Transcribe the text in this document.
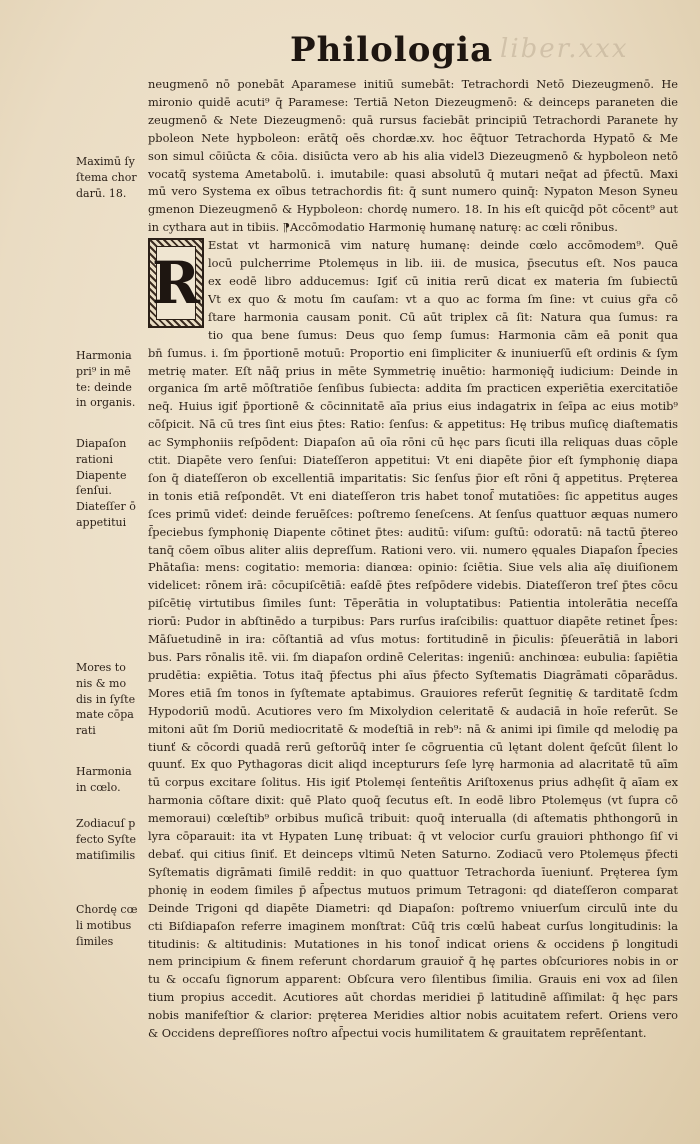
liber.xxx
Philologia
neugmenō nō ponebāt Aparamese initiū sumebāt: Tetrachordi Netō Diezeugmenō. He
mironio quidē acuti⁹ q̄ Paramese: Tertiā Neton Diezeugmenō: & deinceps paraneten die
zeugmenō & Nete Diezeugmenō: quā rursus faciebāt principiū Tetrachordi Paranete hy
pboleon Nete hypboleon: erātq̄ oēs chordæ.xv. hoc ēq̄tuor Tetrachorda Hypatō & Me
son simul cōiūcta & cōia. disiūcta vero ab his alia videl3 Diezeugmenō & hypboleon netō
vocatq̄ systema Ametabolū. i. imutabile: quasi absolutū q̄ mutari neq̄at ad p̄fectū. Maxi
mū vero Systema ex oībus tetrachordis fit: q̄ sunt numero quinq̄: Nypaton Meson Syneu
gmenon Diezeugmenō & Hypboleon: chordę numero. 18. In his eſt quicq̄d pōt cōcent⁹ aut
in cythara aut in tibiis. ⁋Accōmodatio Harmonię humanę naturę: ac cœli rōnibus.
R
Estat vt harmonicā vim naturę humanę: deinde cœlo accōmodem⁹. Quē
locū pulcherrime Ptolemęus in lib. iii. de musica, p̄secutus eſt. Nos pauca
ex eodē libro adducemus: Igiť cū initia rerū dicat ex materia ſm ſubiectū
Vt ex quo & motu ſm cauſam: vt a quo ac forma ſm ſine: vt cuius gr̄a cō
ſtare harmonia causam ponit. Cū aūt triplex cā ſit: Natura qua ſumus: ra
tio qua bene ſumus: Deus quo ſemp ſumus: Harmonia cām eā ponit qua
bn̄ ſumus. i. ſm p̄portionē motuū: Proportio eni ſimpliciter & inuniuerſū eſt ordinis & ſym
metrię mater. Eſt nāq̄ prius in mēte Symmetrię inuētio: harmonięq̄ iudicium: Deinde in
organica ſm artē mōſtratiōe ſenſibus ſubiecta: addita ſm practicen experiētia exercitatiōe
neq̄. Huius igiť p̄portionē & cōcinnitatē aīa prius eius indagatrix in ſeīpa ac eius motib⁹
cōſpicit. Nā cū tres ſint eius p̄tes: Ratio: ſenſus: & appetitus: Hę tribus muſicę diaſtematis
ac Symphoniis reſpōdent: Diapaſon aū oīa rōni cū hęc pars ſicuti illa reliquas duas cōple
ctit. Diapēte vero ſenſui: Diateſſeron appetitui: Vt eni diapēte p̄ior eſt ſymphonię diapa
ſon q̄ diateſſeron ob excellentiā imparitatis: Sic ſenſus p̄ior eſt rōni q̄ appetitus. Pręterea
in tonis etiā reſpondēt. Vt eni diateſſeron tris habet tonoſ̄ mutatiōes: ſic appetitus auges
ſces primū videť: deinde feruēſces: poſtremo ſeneſcens. At ſenſus quattuor æquas numero
ſ̄peciebus ſymphonię Diapente cōtinet p̄tes: auditū: viſum: guſtū: odoratū: nā tactū p̄tereo
tanq̄ cōem oībus aliter aliis depreſſum. Rationi vero. vii. numero ęquales Diapaſon ſ̄pecies
Phātaſia: mens: cogitatio: memoria: dianœa: opinio: ſciētia. Siue vels alia aīę diuiſionem
videlicet: rōnem irā: cōcupiſcētiā: eaſdē p̄tes reſpōdere videbis. Diateſſeron treſ p̄tes cōcu
piſcētię virtutibus ſimiles ſunt: Tēperātia in voluptatibus: Patientia intolerātia neceſſa
riorū: Pudor in abſtinēdo a turpibus: Pars rurſus iraſcibilis: quattuor diapēte retinet ſ̄pes:
Māſuetudinē in ira: cōſtantiā ad vſus motus: fortitudinē in p̄iculis: p̄ſeuerātiā in labori
bus. Pars rōnalis itē. vii. ſm diapaſon ordinē Celeritas: ingeniū: anchinœa: eubulia: ſapiētia
prudētia: expiētia. Totus itaq̄ p̄fectus phi aīus p̄fecto Syſtematis Diagrāmati cōparādus.
Mores etiā ſm tonos in ſyſtemate aptabimus. Grauiores referūt ſegnitię & tarditatē ſcdm
Hypodoriū modū. Acutiores vero ſm Mixolydion celeritatē & audaciā in hoīe referūt. Se
mitoni aūt ſm Doriū mediocritatē & modeſtiā in reb⁹: nā & animi ipi ſimile qd melodię pa
tiunť & cōcordi quadā rerū geſtorūq̄ inter ſe cōgruentia cū lętant dolent q̄eſcūt ſilent lo
quunť. Ex quo Pythagoras dicit aliqd inceptururs ſeſe lyrę harmonia ad alacritatē tū aīm
tū corpus excitare ſolitus. His igiť Ptolemęi ſenteñtis Ariſtoxenus prius adhęſit q̄ aīam ex
harmonia cōſtare dixit: quē Plato quoq̄ ſecutus eſt. In eodē libro Ptolemęus (vt ſupra cō
memoraui) cœleſtib⁹ orbibus muſicā tribuit: quoq̄ interualla (di aſtematis phthongorū in
lyra cōparauit: ita vt Hypaten Lunę tribuat: q̄ vt velocior curſu grauiori phthongo ſiſ vi
debať. qui citius ſiniť. Et deinceps vltimū Neten Saturno. Zodiacū vero Ptolemęus p̄fecti
Syſtematis digrāmati ſimilē reddit: in quo quattuor Tetrachorda īueniunť. Pręterea ſym
phonię in eodem ſimiles p̄ aſ̄pectus mutuos primum Tetragoni: qd diateſſeron comparat
Deinde Trigoni qd diapēte Diametri: qd Diapaſon: poſtremo vniuerſum circulū inte du
cti Biſdiapaſon referre imaginem monſtrat: Cūq̄ tris cœlū habeat curſus longitudinis: la
titudinis: & altitudinis: Mutationes in his tonoſ̄ indicat oriens & occidens p̄ longitudi
nem principium & finem referunt chordarum grauioř q̄ hę partes obſcuriores nobis in or
tu & occaſu ſignorum apparent: Obſcura vero ſilentibus ſimilia. Grauis eni vox ad ſilen
tium propius accedit. Acutiores aūt chordas meridiei p̄ latitudinē aſſimilat: q̄ hęc pars
nobis manifeſtior & clarior: pręterea Meridies altior nobis acuitatem refert. Oriens vero
& Occidens depreſſiores noſtro aſ̄pectui vocis humilitatem & grauitatem reprēſentant.
Maximū ſy
ſtema chor
darū. 18.
Harmonia
pri⁹ in mē
te: deinde
in organis.
Diapaſon
rationi
Diapente
ſenſui.
Diateſſer ō
appetitui
Mores to
nis & mo
dis in ſyſte
mate cōpa
rati
Harmonia
in cœlo.
Zodiacuſ p
fecto Syſte
matiſimilis
Chordę cœ
li motibus
ſimiles
